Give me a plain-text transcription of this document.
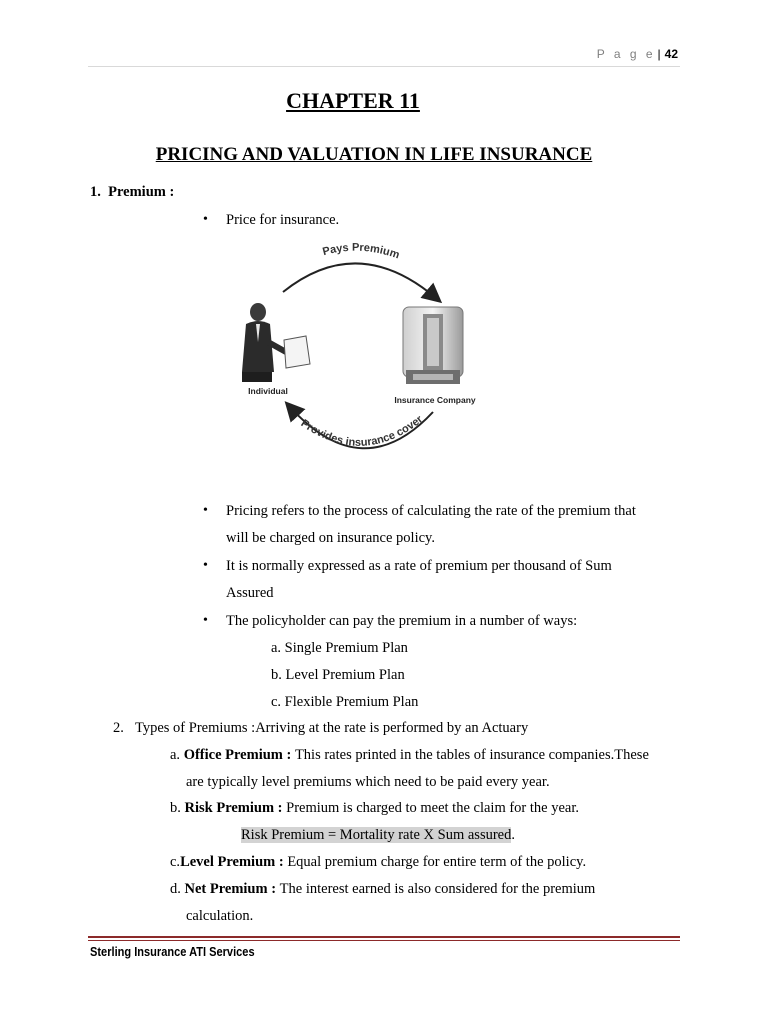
P a g e | 42
CHAPTER 11
PRICING AND VALUATION IN LIFE INSURANCE
1. Premium :
• Price for insurance.
Pays Premium
Provides insurance cover
Individual
Insurance Company
• Pricing refers to the process of calculating the rate of the premium that
will be charged on insurance policy.
• It is normally expressed as a rate of premium per thousand of Sum
Assured
• The policyholder can pay the premium in a number of ways:
a. Single Premium Plan
b. Level Premium Plan
c. Flexible Premium Plan
2. Types of Premiums :Arriving at the rate is performed by an Actuary
a. Office Premium : This rates printed in the tables of insurance companies.These
are typically level premiums which need to be paid every year.
b. Risk Premium : Premium is charged to meet the claim for the year.
Risk Premium = Mortality rate X Sum assured.
c.Level Premium : Equal premium charge for entire term of the policy.
d. Net Premium : The interest earned is also considered for the premium
calculation.
Sterling Insurance ATI Services
